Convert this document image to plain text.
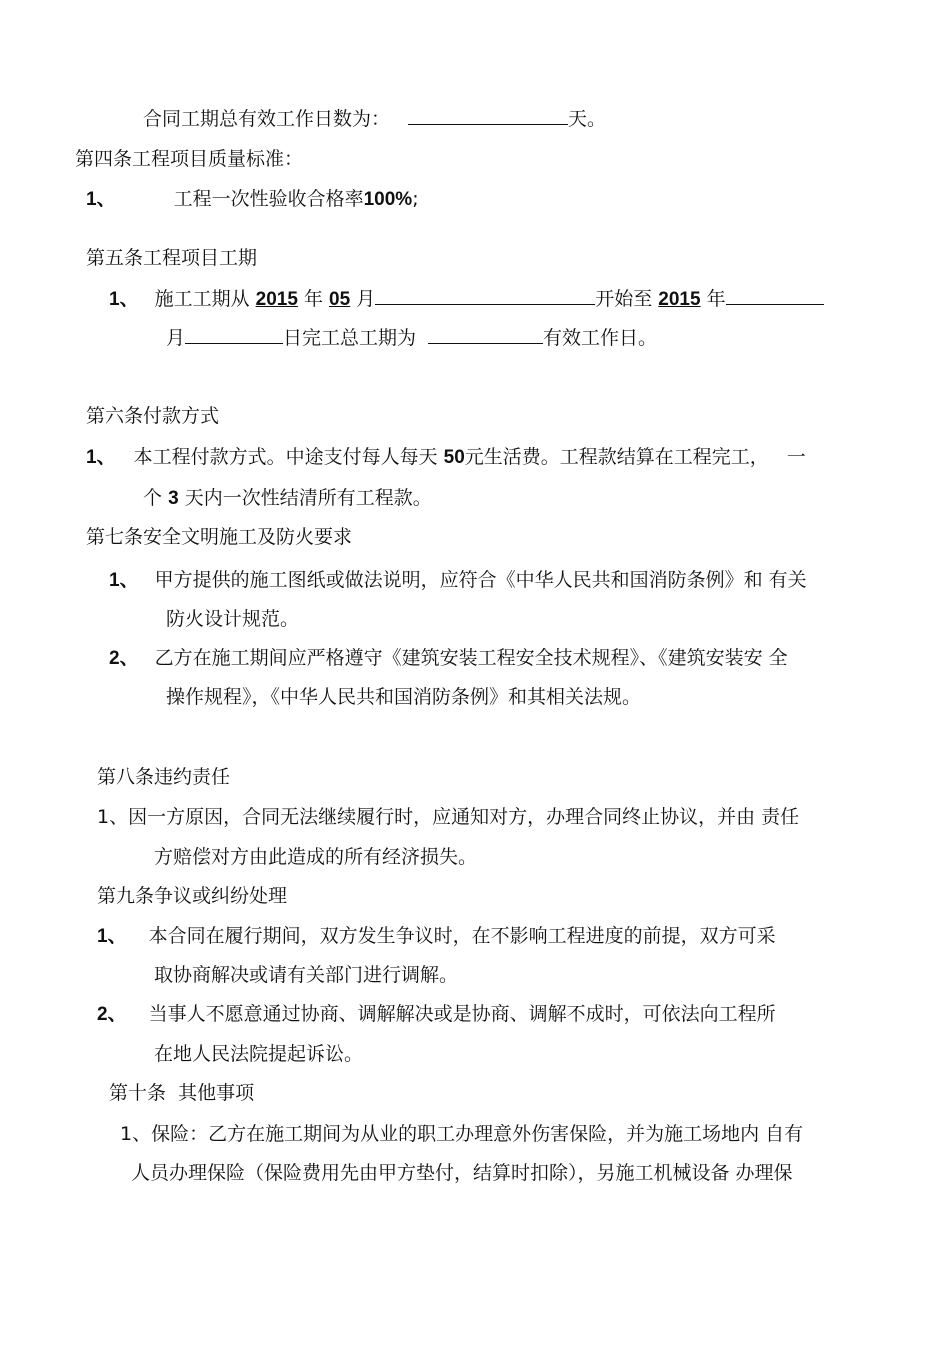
合同工期总有效工作日数为：	天。
第四条工程项目质量标准：
1、	工程一次性验收合格率100%;
第五条工程项目工期
1、 施工工期从 2015 年 05 月	开始至 2015 年
月	日完工总工期为	有效工作日。
第六条付款方式
1、 本工程付款方式。中途支付每人每天 50元生活费。工程款结算在工程完工， 一
个 3 天内一次性结清所有工程款。
第七条安全文明施工及防火要求
1、 甲方提供的施工图纸或做法说明，应符合《中华人民共和国消防条例》和 有关
防火设计规范。
2、 乙方在施工期间应严格遵守《建筑安装工程安全技术规程》、《建筑安装安 全
操作规程》，《中华人民共和国消防条例》和其相关法规。
第八条违约责任
1、因一方原因，合同无法继续履行时，应通知对方，办理合同终止协议，并由 责任
方赔偿对方由此造成的所有经济损失。
第九条争议或纠纷处理
1、 本合同在履行期间，双方发生争议时，在不影响工程进度的前提，双方可采
取协商解决或请有关部门进行调解。
2、 当事人不愿意通过协商、调解解决或是协商、调解不成时，可依法向工程所
在地人民法院提起诉讼。
第十条  其他事项
1、保险：乙方在施工期间为从业的职工办理意外伤害保险，并为施工场地内 自有
人员办理保险（保险费用先由甲方垫付，结算时扣除），另施工机械设备 办理保
